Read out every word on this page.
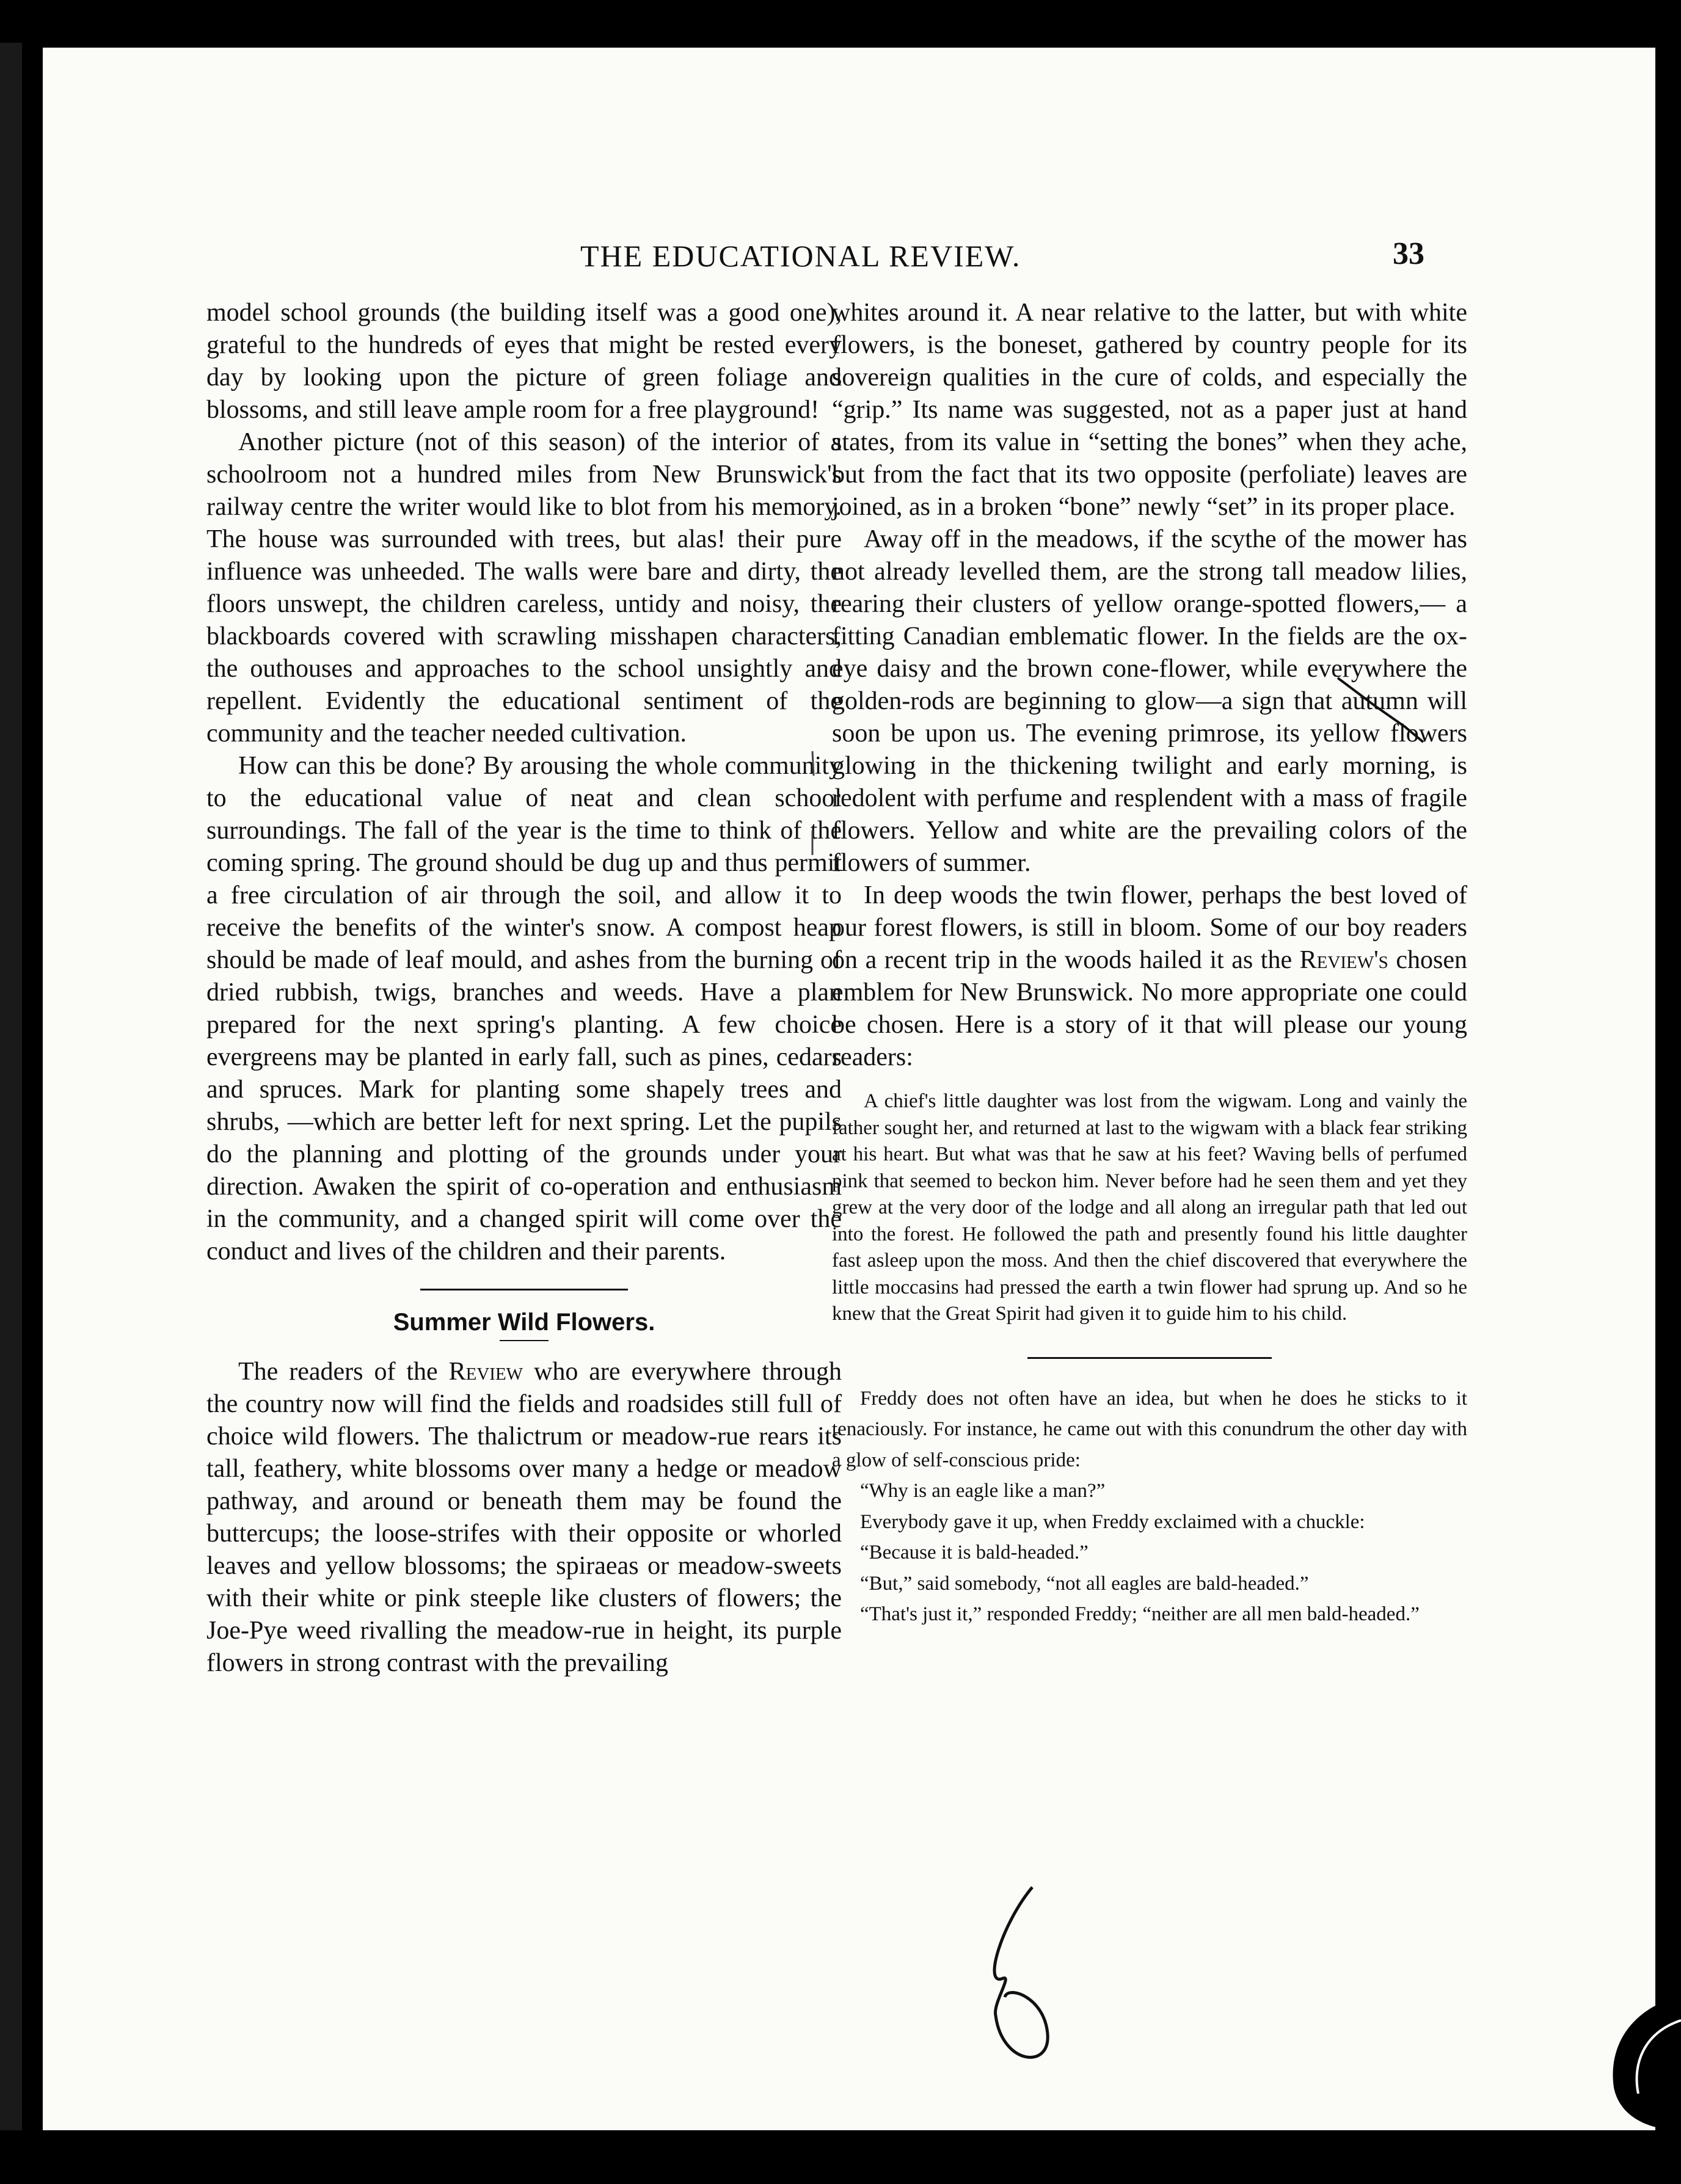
THE EDUCATIONAL REVIEW.	33

model school grounds (the building itself was a good one), grateful to the hundreds of eyes that might be rested every day by looking upon the picture of green foliage and blossoms, and still leave ample room for a free playground!

Another picture (not of this season) of the interior of a schoolroom not a hundred miles from New Brunswick's railway centre the writer would like to blot from his memory. The house was surrounded with trees, but alas! their pure influence was unheeded. The walls were bare and dirty, the floors unswept, the children careless, untidy and noisy, the blackboards covered with scrawling misshapen characters, the outhouses and approaches to the school unsightly and repellent. Evidently the educational sentiment of the community and the teacher needed cultivation.

How can this be done? By arousing the whole community to the educational value of neat and clean school surroundings. The fall of the year is the time to think of the coming spring. The ground should be dug up and thus permit a free circulation of air through the soil, and allow it to receive the benefits of the winter's snow. A compost heap should be made of leaf mould, and ashes from the burning of dried rubbish, twigs, branches and weeds. Have a plan prepared for the next spring's planting. A few choice evergreens may be planted in early fall, such as pines, cedars and spruces. Mark for planting some shapely trees and shrubs, —which are better left for next spring. Let the pupils do the planning and plotting of the grounds under your direction. Awaken the spirit of co-operation and enthusiasm in the community, and a changed spirit will come over the conduct and lives of the children and their parents.

Summer Wild Flowers.

The readers of the Review who are everywhere through the country now will find the fields and roadsides still full of choice wild flowers. The thalictrum or meadow-rue rears its tall, feathery, white blossoms over many a hedge or meadow pathway, and around or beneath them may be found the buttercups; the loose-strifes with their opposite or whorled leaves and yellow blossoms; the spiraeas or meadow-sweets with their white or pink steeple like clusters of flowers; the Joe-Pye weed rivalling the meadow-rue in height, its purple flowers in strong contrast with the prevailing

whites around it. A near relative to the latter, but with white flowers, is the boneset, gathered by country people for its sovereign qualities in the cure of colds, and especially the “grip.” Its name was suggested, not as a paper just at hand states, from its value in “setting the bones” when they ache, but from the fact that its two opposite (perfoliate) leaves are joined, as in a broken “bone” newly “set” in its proper place.

Away off in the meadows, if the scythe of the mower has not already levelled them, are the strong tall meadow lilies, rearing their clusters of yellow orange-spotted flowers,— a fitting Canadian emblematic flower. In the fields are the ox-eye daisy and the brown cone-flower, while everywhere the golden-rods are beginning to glow—a sign that autumn will soon be upon us. The evening primrose, its yellow flowers glowing in the thickening twilight and early morning, is redolent with perfume and resplendent with a mass of fragile flowers. Yellow and white are the prevailing colors of the flowers of summer.

In deep woods the twin flower, perhaps the best loved of our forest flowers, is still in bloom. Some of our boy readers on a recent trip in the woods hailed it as the Review's chosen emblem for New Brunswick. No more appropriate one could be chosen. Here is a story of it that will please our young readers:

A chief's little daughter was lost from the wigwam. Long and vainly the father sought her, and returned at last to the wigwam with a black fear striking at his heart. But what was that he saw at his feet? Waving bells of perfumed pink that seemed to beckon him. Never before had he seen them and yet they grew at the very door of the lodge and all along an irregular path that led out into the forest. He followed the path and presently found his little daughter fast asleep upon the moss. And then the chief discovered that everywhere the little moccasins had pressed the earth a twin flower had sprung up. And so he knew that the Great Spirit had given it to guide him to his child.

Freddy does not often have an idea, but when he does he sticks to it tenaciously. For instance, he came out with this conundrum the other day with a glow of self-conscious pride:

“Why is an eagle like a man?”

Everybody gave it up, when Freddy exclaimed with a chuckle:

“Because it is bald-headed.”

“But,” said somebody, “not all eagles are bald-headed.”

“That's just it,” responded Freddy; “neither are all men bald-headed.”
